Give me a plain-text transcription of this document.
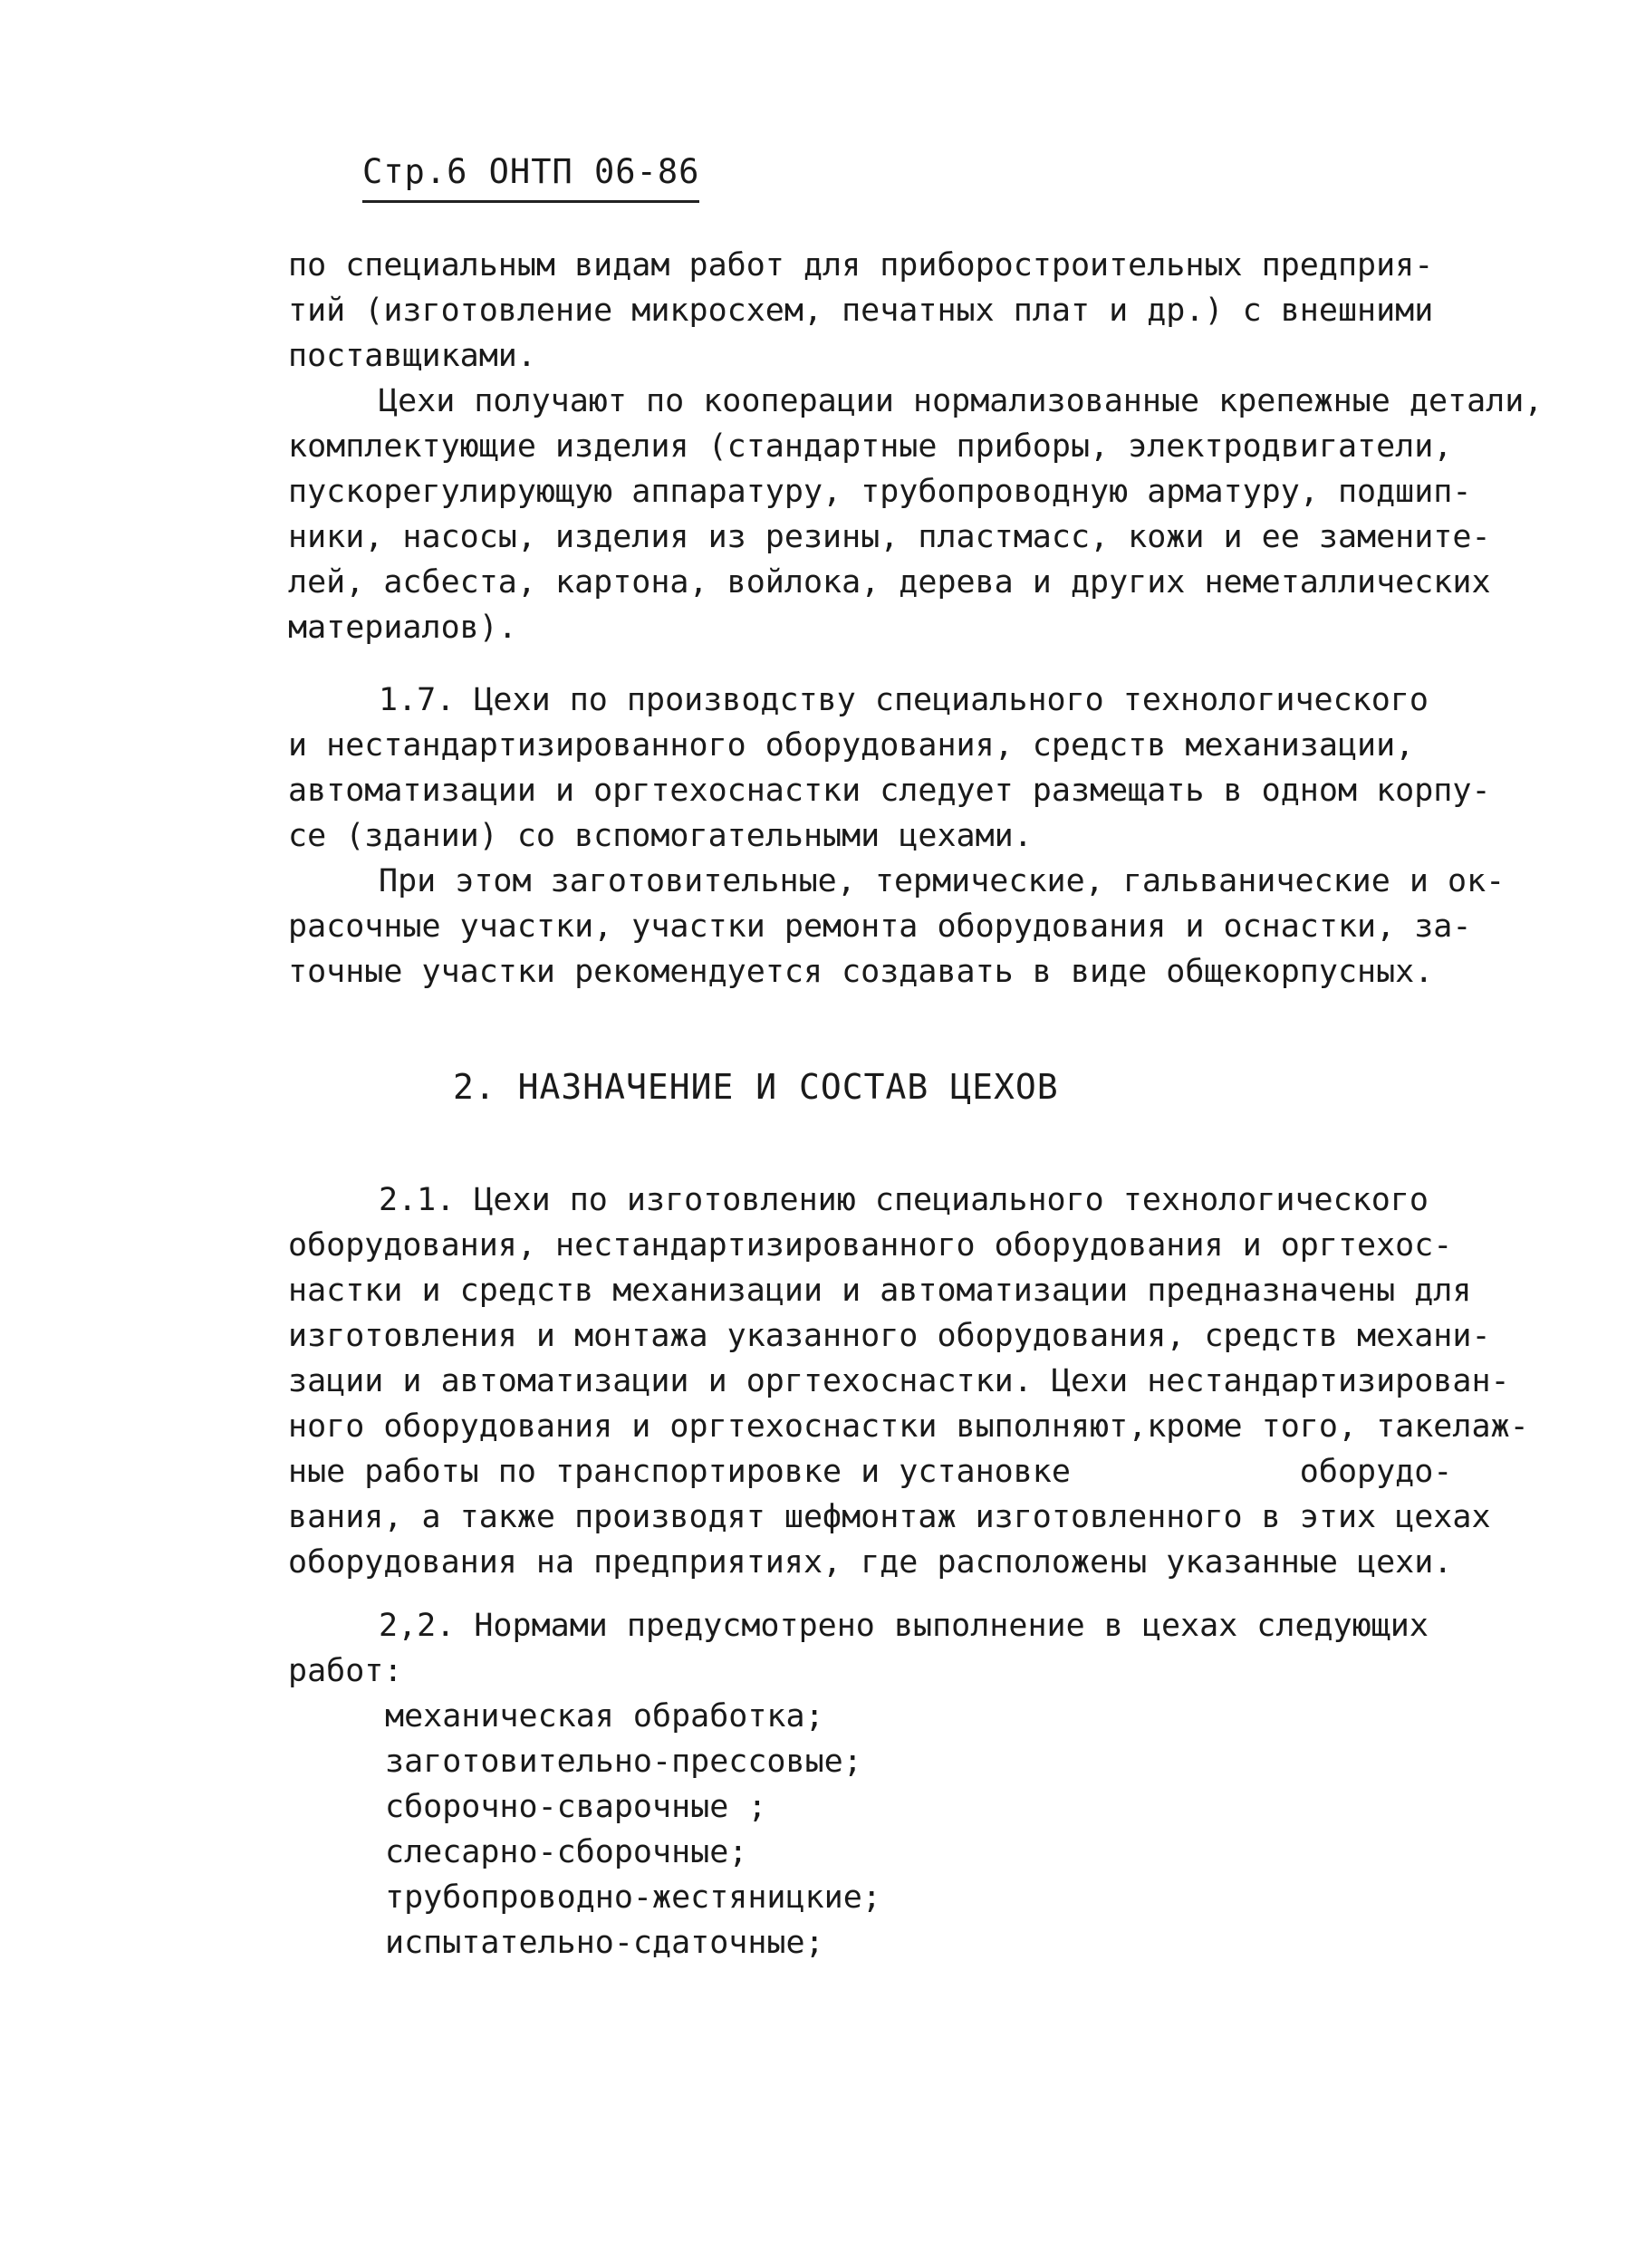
Стр.6 ОНТП 06-86
по специальным видам работ для приборостроительных предприя-
тий (изготовление микросхем, печатных плат и др.) с внешними
поставщиками.
Цехи получают по кооперации нормализованные крепежные детали,
комплектующие изделия (стандартные приборы, электродвигатели,
пускорегулирующую аппаратуру, трубопроводную арматуру, подшип-
ники, насосы, изделия из резины, пластмасс, кожи и ее замените-
лей, асбеста, картона, войлока, дерева и других неметаллических
материалов).
1.7. Цехи по производству специального технологического
и нестандартизированного оборудования, средств механизации,
автоматизации и оргтехоснастки следует размещать в одном корпу-
се (здании) со вспомогательными цехами.
При этом заготовительные, термические, гальванические и ок-
расочные участки, участки ремонта оборудования и оснастки, за-
точные участки рекомендуется создавать в виде общекорпусных.
2. НАЗНАЧЕНИЕ И СОСТАВ ЦЕХОВ
2.1. Цехи по изготовлению специального технологического
оборудования, нестандартизированного оборудования и оргтехос-
настки и средств механизации и автоматизации предназначены для
изготовления и монтажа указанного оборудования, средств механи-
зации и автоматизации и оргтехоснастки. Цехи нестандартизирован-
ного оборудования и оргтехоснастки выполняют,кроме того, такелаж-
ные работы по транспортировке и установке            оборудо-
вания, а также производят шефмонтаж изготовленного в этих цехах
оборудования на предприятиях, где расположены указанные цехи.
2,2. Нормами предусмотрено выполнение в цехах следующих
работ:
механическая обработка;
заготовительно-прессовые;
сборочно-сварочные ;
слесарно-сборочные;
трубопроводно-жестяницкие;
испытательно-сдаточные;
